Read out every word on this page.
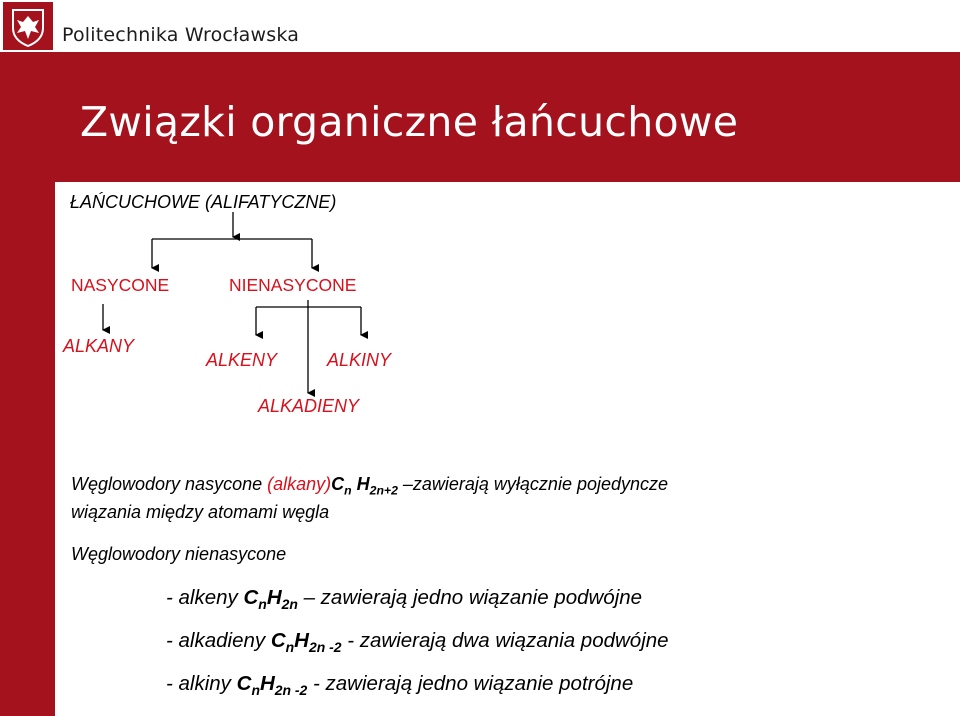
Politechnika Wrocławska
Związki organiczne łańcuchowe
ŁAŃCUCHOWE (ALIFATYCZNE)
NASYCONE	NIENASYCONE
ALKANY
ALKENY	ALKINY
ALKADIENY
Węglowodory nasycone $(alkany)C_n$ $H_{2n+2}$ –zawierają wyłącznie pojedyncze
wiązania między atomami węgla
Węglowodory nienasycone
- alkeny $C_nH_{2n}$ – zawierają jedno wiązanie podwójne
- alkadieny $C_nH_{2n -2}$ - zawierają dwa wiązania podwójne
- alkiny $C_nH_{2n -2}$ - zawierają jedno wiązanie potrójne
